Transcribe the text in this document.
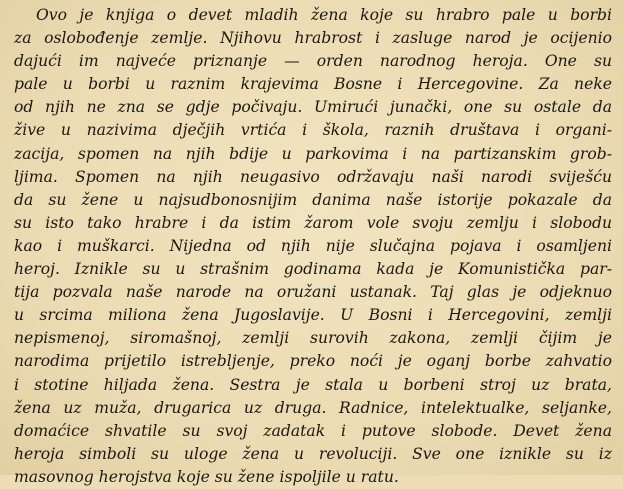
Ovo je knjiga o devet mladih žena koje su hrabro pale u borbi
za oslobođenje zemlje. Njihovu hrabrost i zasluge narod je ocijenio
dajući im najveće priznanje — orden narodnog heroja. One su
pale u borbi u raznim krajevima Bosne i Hercegovine. Za neke
od njih ne zna se gdje počivaju. Umirući junački, one su ostale da
žive u nazivima dječjih vrtića i škola, raznih društava i organi-
zacija, spomen na njih bdije u parkovima i na partizanskim grob-
ljima. Spomen na njih neugasivo održavaju naši narodi sviješću
da su žene u najsudbonosnijim danima naše istorije pokazale da
su isto tako hrabre i da istim žarom vole svoju zemlju i slobodu
kao i muškarci. Nijedna od njih nije slučajna pojava i osamljeni
heroj. Iznikle su u strašnim godinama kada je Komunistička par-
tija pozvala naše narode na oružani ustanak. Taj glas je odjeknuo
u srcima miliona žena Jugoslavije. U Bosni i Hercegovini, zemlji
nepismenoj, siromašnoj, zemlji surovih zakona, zemlji čijim je
narodima prijetilo istrebljenje, preko noći je oganj borbe zahvatio
i stotine hiljada žena. Sestra je stala u borbeni stroj uz brata,
žena uz muža, drugarica uz druga. Radnice, intelektualke, seljanke,
domaćice shvatile su svoj zadatak i putove slobode. Devet žena
heroja simboli su uloge žena u revoluciji. Sve one iznikle su iz
masovnog herojstva koje su žene ispoljile u ratu.
